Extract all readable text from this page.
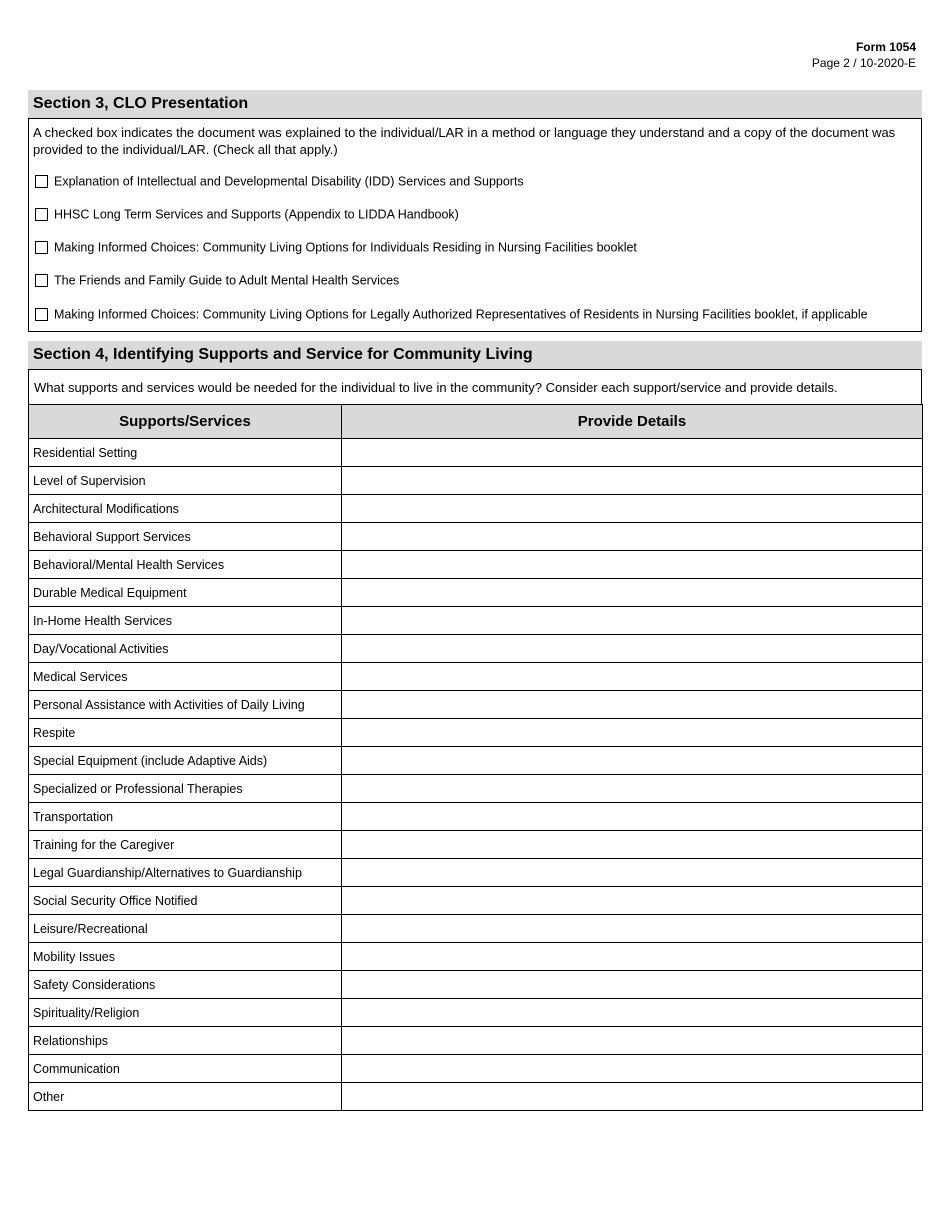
Form 1054
Page 2 / 10-2020-E
Section 3, CLO Presentation
A checked box indicates the document was explained to the individual/LAR in a method or language they understand and a copy of the document was provided to the individual/LAR. (Check all that apply.)
Explanation of Intellectual and Developmental Disability (IDD) Services and Supports
HHSC Long Term Services and Supports (Appendix to LIDDA Handbook)
Making Informed Choices: Community Living Options for Individuals Residing in Nursing Facilities booklet
The Friends and Family Guide to Adult Mental Health Services
Making Informed Choices: Community Living Options for Legally Authorized Representatives of Residents in Nursing Facilities booklet, if applicable
Section 4, Identifying Supports and Service for Community Living
What supports and services would be needed for the individual to live in the community? Consider each support/service and provide details.
Supports/Services	Provide Details
Residential Setting	
Level of Supervision	
Architectural Modifications	
Behavioral Support Services	
Behavioral/Mental Health Services	
Durable Medical Equipment	
In-Home Health Services	
Day/Vocational Activities	
Medical Services	
Personal Assistance with Activities of Daily Living	
Respite	
Special Equipment (include Adaptive Aids)	
Specialized or Professional Therapies	
Transportation	
Training for the Caregiver	
Legal Guardianship/Alternatives to Guardianship	
Social Security Office Notified	
Leisure/Recreational	
Mobility Issues	
Safety Considerations	
Spirituality/Religion	
Relationships	
Communication	
Other	
